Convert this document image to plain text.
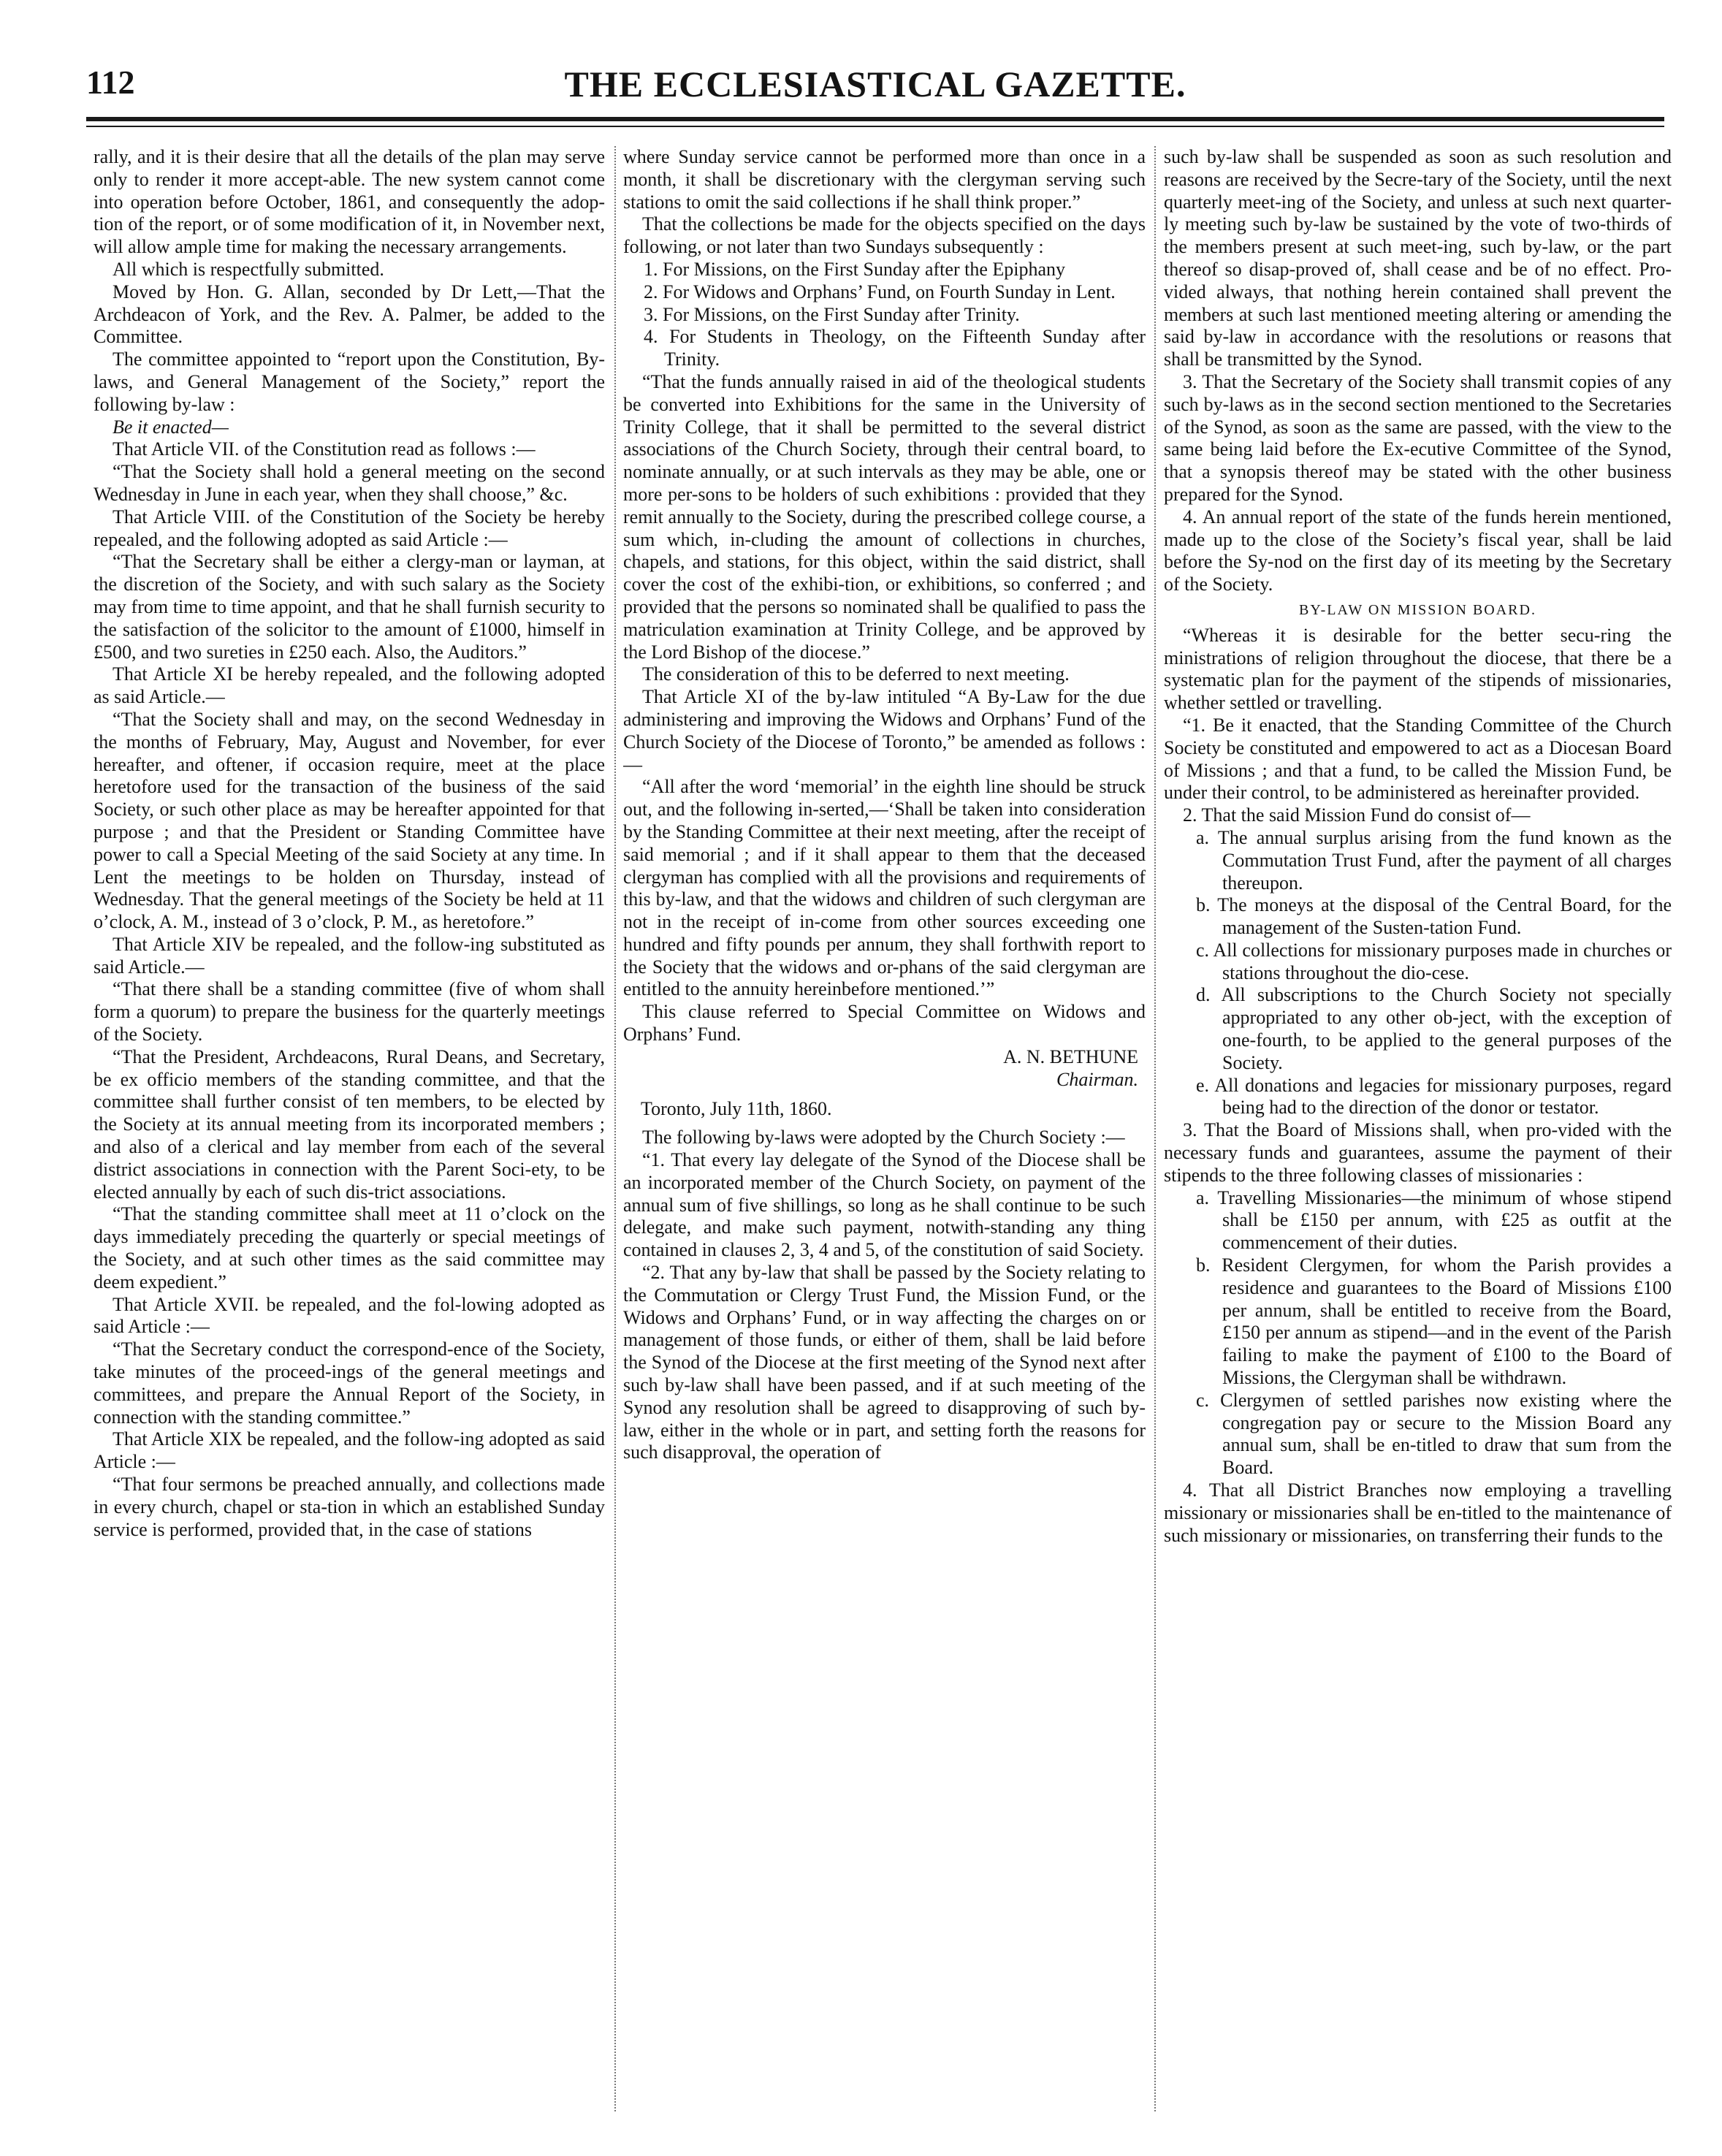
THE ECCLESIASTICAL GAZETTE.
112

rally, and it is their desire that all the details of the plan may serve only to render it more accept-able. The new system cannot come into operation before October, 1861, and consequently the adop-tion of the report, or of some modification of it, in November next, will allow ample time for making the necessary arrangements.

All which is respectfully submitted.

Moved by Hon. G. Allan, seconded by Dr Lett,—That the Archdeacon of York, and the Rev. A. Palmer, be added to the Committee.

The committee appointed to “report upon the Constitution, By-laws, and General Management of the Society,” report the following by-law :

Be it enacted—

That Article VII. of the Constitution read as follows :—

“That the Society shall hold a general meeting on the second Wednesday in June in each year, when they shall choose,” &c.

That Article VIII. of the Constitution of the Society be hereby repealed, and the following adopted as said Article :—

“That the Secretary shall be either a clergy-man or layman, at the discretion of the Society, and with such salary as the Society may from time to time appoint, and that he shall furnish security to the satisfaction of the solicitor to the amount of £1000, himself in £500, and two sureties in £250 each. Also, the Auditors.”

That Article XI be hereby repealed, and the following adopted as said Article.—

“That the Society shall and may, on the second Wednesday in the months of February, May, August and November, for ever hereafter, and oftener, if occasion require, meet at the place heretofore used for the transaction of the business of the said Society, or such other place as may be hereafter appointed for that purpose ; and that the President or Standing Committee have power to call a Special Meeting of the said Society at any time. In Lent the meetings to be holden on Thursday, instead of Wednesday. That the general meetings of the Society be held at 11 o’clock, A. M., instead of 3 o’clock, P. M., as heretofore.”

That Article XIV be repealed, and the follow-ing substituted as said Article.—

“That there shall be a standing committee (five of whom shall form a quorum) to prepare the business for the quarterly meetings of the Society.

“That the President, Archdeacons, Rural Deans, and Secretary, be ex officio members of the standing committee, and that the committee shall further consist of ten members, to be elected by the Society at its annual meeting from its incorporated members ; and also of a clerical and lay member from each of the several district associations in connection with the Parent Soci-ety, to be elected annually by each of such dis-trict associations.

“That the standing committee shall meet at 11 o’clock on the days immediately preceding the quarterly or special meetings of the Society, and at such other times as the said committee may deem expedient.”

That Article XVII. be repealed, and the fol-lowing adopted as said Article :—

“That the Secretary conduct the correspond-ence of the Society, take minutes of the proceed-ings of the general meetings and committees, and prepare the Annual Report of the Society, in connection with the standing committee.”

That Article XIX be repealed, and the follow-ing adopted as said Article :—

“That four sermons be preached annually, and collections made in every church, chapel or sta-tion in which an established Sunday service is performed, provided that, in the case of stations

where Sunday service cannot be performed more than once in a month, it shall be discretionary with the clergyman serving such stations to omit the said collections if he shall think proper.”

That the collections be made for the objects specified on the days following, or not later than two Sundays subsequently :

1. For Missions, on the First Sunday after the Epiphany

2. For Widows and Orphans’ Fund, on Fourth Sunday in Lent.

3. For Missions, on the First Sunday after Trinity.

4. For Students in Theology, on the Fifteenth Sunday after Trinity.

“That the funds annually raised in aid of the theological students be converted into Exhibitions for the same in the University of Trinity College, that it shall be permitted to the several district associations of the Church Society, through their central board, to nominate annually, or at such intervals as they may be able, one or more per-sons to be holders of such exhibitions : provided that they remit annually to the Society, during the prescribed college course, a sum which, in-cluding the amount of collections in churches, chapels, and stations, for this object, within the said district, shall cover the cost of the exhibi-tion, or exhibitions, so conferred ; and provided that the persons so nominated shall be qualified to pass the matriculation examination at Trinity College, and be approved by the Lord Bishop of the diocese.”

The consideration of this to be deferred to next meeting.

That Article XI of the by-law intituled “A By-Law for the due administering and improving the Widows and Orphans’ Fund of the Church Society of the Diocese of Toronto,” be amended as follows :—

“All after the word ‘memorial’ in the eighth line should be struck out, and the following in-serted,—‘Shall be taken into consideration by the Standing Committee at their next meeting, after the receipt of said memorial ; and if it shall appear to them that the deceased clergyman has complied with all the provisions and requirements of this by-law, and that the widows and children of such clergyman are not in the receipt of in-come from other sources exceeding one hundred and fifty pounds per annum, they shall forthwith report to the Society that the widows and or-phans of the said clergyman are entitled to the annuity hereinbefore mentioned.’”

This clause referred to Special Committee on Widows and Orphans’ Fund.

A. N. BETHUNE

Chairman.

Toronto, July 11th, 1860.

The following by-laws were adopted by the Church Society :—

“1. That every lay delegate of the Synod of the Diocese shall be an incorporated member of the Church Society, on payment of the annual sum of five shillings, so long as he shall continue to be such delegate, and make such payment, notwith-standing any thing contained in clauses 2, 3, 4 and 5, of the constitution of said Society.

“2. That any by-law that shall be passed by the Society relating to the Commutation or Clergy Trust Fund, the Mission Fund, or the Widows and Orphans’ Fund, or in way affecting the charges on or management of those funds, or either of them, shall be laid before the Synod of the Diocese at the first meeting of the Synod next after such by-law shall have been passed, and if at such meeting of the Synod any resolution shall be agreed to disapproving of such by-law, either in the whole or in part, and setting forth the reasons for such disapproval, the operation of

such by-law shall be suspended as soon as such resolution and reasons are received by the Secre-tary of the Society, until the next quarterly meet-ing of the Society, and unless at such next quarter-ly meeting such by-law be sustained by the vote of two-thirds of the members present at such meet-ing, such by-law, or the part thereof so disap-proved of, shall cease and be of no effect. Pro-vided always, that nothing herein contained shall prevent the members at such last mentioned meeting altering or amending the said by-law in accordance with the resolutions or reasons that shall be transmitted by the Synod.

3. That the Secretary of the Society shall transmit copies of any such by-laws as in the second section mentioned to the Secretaries of the Synod, as soon as the same are passed, with the view to the same being laid before the Ex-ecutive Committee of the Synod, that a synopsis thereof may be stated with the other business prepared for the Synod.

4. An annual report of the state of the funds herein mentioned, made up to the close of the Society’s fiscal year, shall be laid before the Sy-nod on the first day of its meeting by the Secretary of the Society.

BY-LAW ON MISSION BOARD.

“Whereas it is desirable for the better secu-ring the ministrations of religion throughout the diocese, that there be a systematic plan for the payment of the stipends of missionaries, whether settled or travelling.

“1. Be it enacted, that the Standing Committee of the Church Society be constituted and empowered to act as a Diocesan Board of Missions ; and that a fund, to be called the Mission Fund, be under their control, to be administered as hereinafter provided.

2. That the said Mission Fund do consist of—

a. The annual surplus arising from the fund known as the Commutation Trust Fund, after the payment of all charges thereupon.

b. The moneys at the disposal of the Central Board, for the management of the Susten-tation Fund.

c. All collections for missionary purposes made in churches or stations throughout the dio-cese.

d. All subscriptions to the Church Society not specially appropriated to any other ob-ject, with the exception of one-fourth, to be applied to the general purposes of the Society.

e. All donations and legacies for missionary purposes, regard being had to the direction of the donor or testator.

3. That the Board of Missions shall, when pro-vided with the necessary funds and guarantees, assume the payment of their stipends to the three following classes of missionaries :

a. Travelling Missionaries—the minimum of whose stipend shall be £150 per annum, with £25 as outfit at the commencement of their duties.

b. Resident Clergymen, for whom the Parish provides a residence and guarantees to the Board of Missions £100 per annum, shall be entitled to receive from the Board, £150 per annum as stipend—and in the event of the Parish failing to make the payment of £100 to the Board of Missions, the Clergyman shall be withdrawn.

c. Clergymen of settled parishes now existing where the congregation pay or secure to the Mission Board any annual sum, shall be en-titled to draw that sum from the Board.

4. That all District Branches now employing a travelling missionary or missionaries shall be en-titled to the maintenance of such missionary or missionaries, on transferring their funds to the
